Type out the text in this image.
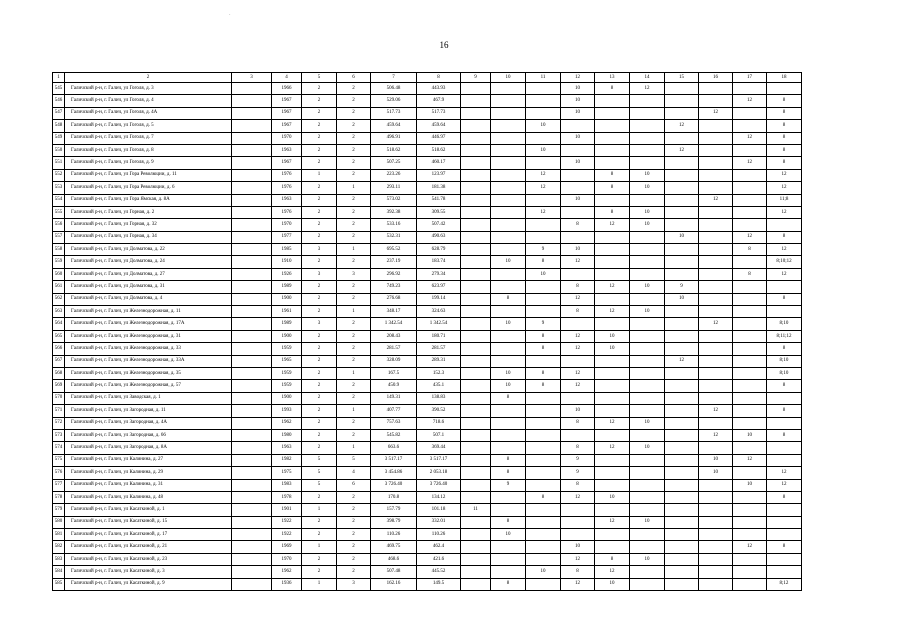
·
16
1	2	3	4	5	6	7	8	9	10	11	12	13	14	15	16	17	18
545	Галичский р-н, г. Галич, ул Гоголя, д. 3		1966	2	2	506.48	443.93				10	8	12				
546	Галичский р-н, г. Галич, ул Гоголя, д. 4		1967	2	2	529.06	467.9				10					12	8
547	Галичский р-н, г. Галич, ул Гоголя, д. 4А		1967	2	2	517.73	517.73				10				12		8
548	Галичский р-н, г. Галич, ул Гоголя, д. 5		1967	2	2	459.64	459.64			10				12			8
549	Галичский р-н, г. Галич, ул Гоголя, д. 7		1970	2	2	496.91	446.97				10					12	8
550	Галичский р-н, г. Галич, ул Гоголя, д. 8		1963	2	2	518.62	518.62			10				12			8
551	Галичский р-н, г. Галич, ул Гоголя, д. 9		1967	2	2	507.25	460.17				10					12	8
552	Галичский р-н, г. Галич, ул Гора Революции, д. 11		1976	1	2	223.26	123.97			12		8	10				12
553	Галичский р-н, г. Галич, ул Гора Революции, д. 6		1976	2	1	293.11	181.38			12		8	10				12
554	Галичский р-н, г. Галич, ул Гора Ямская, д. 8А		1963	2	2	573.02	541.78				10				12		11;8
555	Галичский р-н, г. Галич, ул Горная, д. 2		1976	2	2	392.38	309.55			12		8	10				12
556	Галичский р-н, г. Галич, ул Горная, д. 32		1970	2	2	533.16	507.42				8	12	10				
557	Галичский р-н, г. Галич, ул Горная, д. 34		1977	2	2	532.31	490.63							10		12	8
558	Галичский р-н, г. Галич, ул Долматова, д. 22		1985	3	1	695.52	628.79			9	10					8	12
559	Галичский р-н, г. Галич, ул Долматова, д. 24		1910	2	2	237.19	183.74		10	8	12						8;10;12
560	Галичский р-н, г. Галич, ул Долматова, д. 27		1926	3	3	296.92	279.34			10						8	12
561	Галичский р-н, г. Галич, ул Долматова, д. 31		1989	2	2	749.23	623.97				8	12	10	9			
562	Галичский р-н, г. Галич, ул Долматова, д. 4		1900	2	2	276.68	199.14		8		12			10			8
563	Галичский р-н, г. Галич, ул Железнодорожная, д. 11		1961	2	1	348.17	324.63				8	12	10				
564	Галичский р-н, г. Галич, ул Железнодорожная, д. 17А		1989	3	2	1 342.54	1 342.54		10	9					12		8;10
565	Галичский р-н, г. Галич, ул Железнодорожная, д. 31		1900	2	2	208.43	180.71			8	12	10					8;11;12
566	Галичский р-н, г. Галич, ул Железнодорожная, д. 33		1959	2	2	281.57	281.57			8	12	10					8
567	Галичский р-н, г. Галич, ул Железнодорожная, д. 33А		1965	2	2	328.09	289.31							12			8;10
568	Галичский р-н, г. Галич, ул Железнодорожная, д. 35		1959	2	1	167.5	152.3		10	8	12						8;10
569	Галичский р-н, г. Галич, ул Железнодорожная, д. 57		1959	2	2	450.9	435.1		10	8	12						8
570	Галичский р-н, г. Галич, ул Заводская, д. 1		1900	2	2	149.31	138.83		8								
571	Галичский р-н, г. Галич, ул Загородная, д. 11		1993	2	1	407.77	390.52				10				12		8
572	Галичский р-н, г. Галич, ул Загородная, д. 4А		1962	2	2	757.63	718.6				8	12	10				
573	Галичский р-н, г. Галич, ул Загородная, д. 66		1980	2	2	545.82	507.1								12	10	8
574	Галичский р-н, г. Галич, ул Загородная, д. 8А		1963	2	1	663.6	369.44				8	12	10				
575	Галичский р-н, г. Галич, ул Калинина, д. 27		1982	5	5	3 517.17	3 517.17		8		9				10	12	
576	Галичский р-н, г. Галич, ул Калинина, д. 29		1975	5	4	3 454.86	2 053.18		8		9				10		12
577	Галичский р-н, г. Галич, ул Калинина, д. 31		1983	5	6	3 726.40	3 726.40		9		8					10	12
578	Галичский р-н, г. Галич, ул Калинина, д. 48		1978	2	2	170.8	134.12			8	12	10					8
579	Галичский р-н, г. Галич, ул Касаткиной, д. 1		1901	1	2	157.79	101.18	11									
580	Галичский р-н, г. Галич, ул Касаткиной, д. 15		1922	2	2	398.79	332.01		8			12	10				
581	Галичский р-н, г. Галич, ул Касаткиной, д. 17		1922	2	2	110.26	110.26		10								
582	Галичский р-н, г. Галич, ул Касаткиной, д. 21		1969	1	2	469.75	462.4				10					12	8
583	Галичский р-н, г. Галич, ул Касаткиной, д. 23		1970	2	2	468.6	421.6				12	8	10				
584	Галичский р-н, г. Галич, ул Касаткиной, д. 3		1962	2	2	507.48	445.52			10	8	12					
585	Галичский р-н, г. Галич, ул Касаткиной, д. 9		1936	1	3	162.16	149.5		8		12	10					8;12
